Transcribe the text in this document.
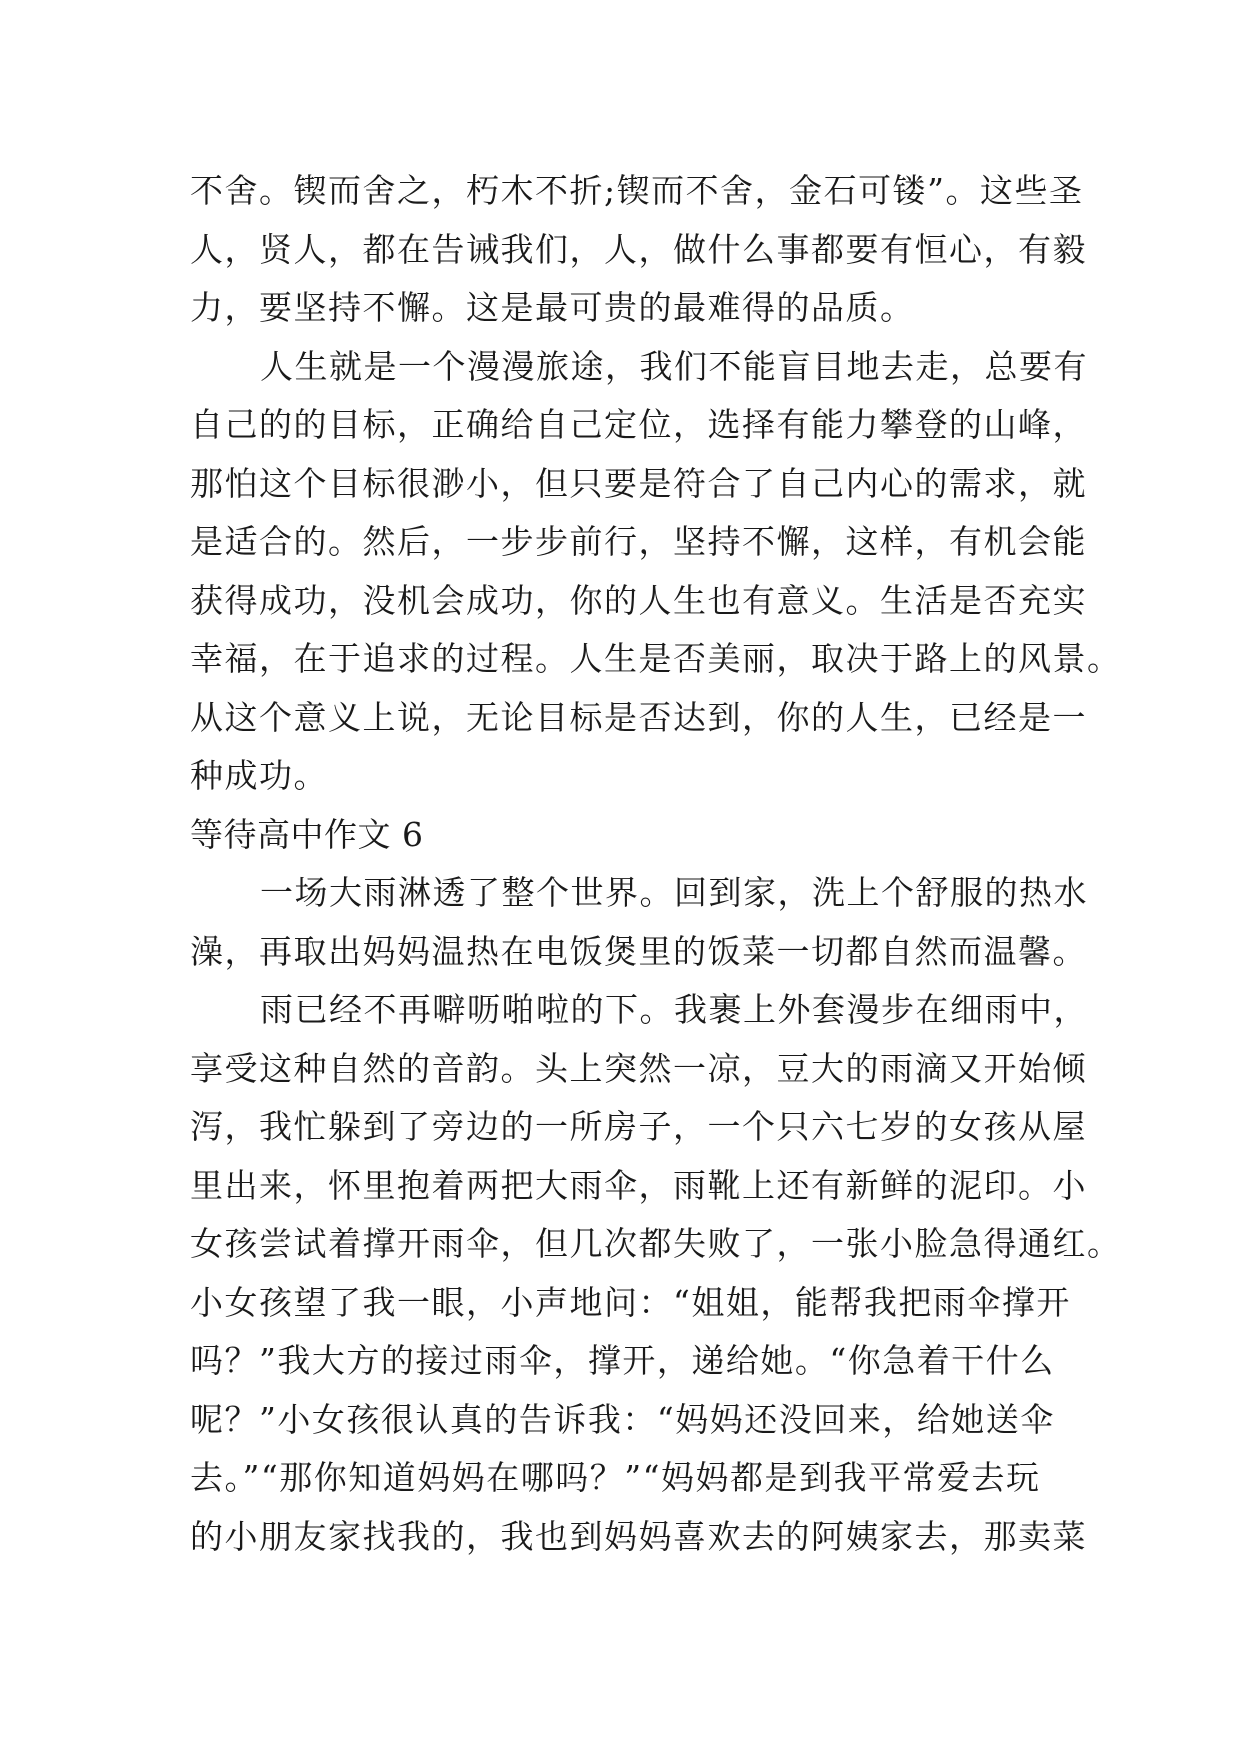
不舍。锲而舍之，朽木不折;锲而不舍，金石可镂”。这些圣
人，贤人，都在告诫我们，人，做什么事都要有恒心，有毅
力，要坚持不懈。这是最可贵的最难得的品质。
人生就是一个漫漫旅途，我们不能盲目地去走，总要有
自己的的目标，正确给自己定位，选择有能力攀登的山峰，
那怕这个目标很渺小，但只要是符合了自己内心的需求，就
是适合的。然后，一步步前行，坚持不懈，这样，有机会能
获得成功，没机会成功，你的人生也有意义。生活是否充实
幸福，在于追求的过程。人生是否美丽，取决于路上的风景。
从这个意义上说，无论目标是否达到，你的人生，已经是一
种成功。
等待高中作文 6
一场大雨淋透了整个世界。回到家，洗上个舒服的热水
澡，再取出妈妈温热在电饭煲里的饭菜一切都自然而温馨。
雨已经不再噼呖啪啦的下。我裹上外套漫步在细雨中，
享受这种自然的音韵。头上突然一凉，豆大的雨滴又开始倾
泻，我忙躲到了旁边的一所房子，一个只六七岁的女孩从屋
里出来，怀里抱着两把大雨伞，雨靴上还有新鲜的泥印。小
女孩尝试着撑开雨伞，但几次都失败了，一张小脸急得通红。
小女孩望了我一眼，小声地问：“姐姐，能帮我把雨伞撑开
吗？”我大方的接过雨伞，撑开，递给她。“你急着干什么
呢？”小女孩很认真的告诉我：“妈妈还没回来，给她送伞
去。”“那你知道妈妈在哪吗？”“妈妈都是到我平常爱去玩
的小朋友家找我的，我也到妈妈喜欢去的阿姨家去，那卖菜
